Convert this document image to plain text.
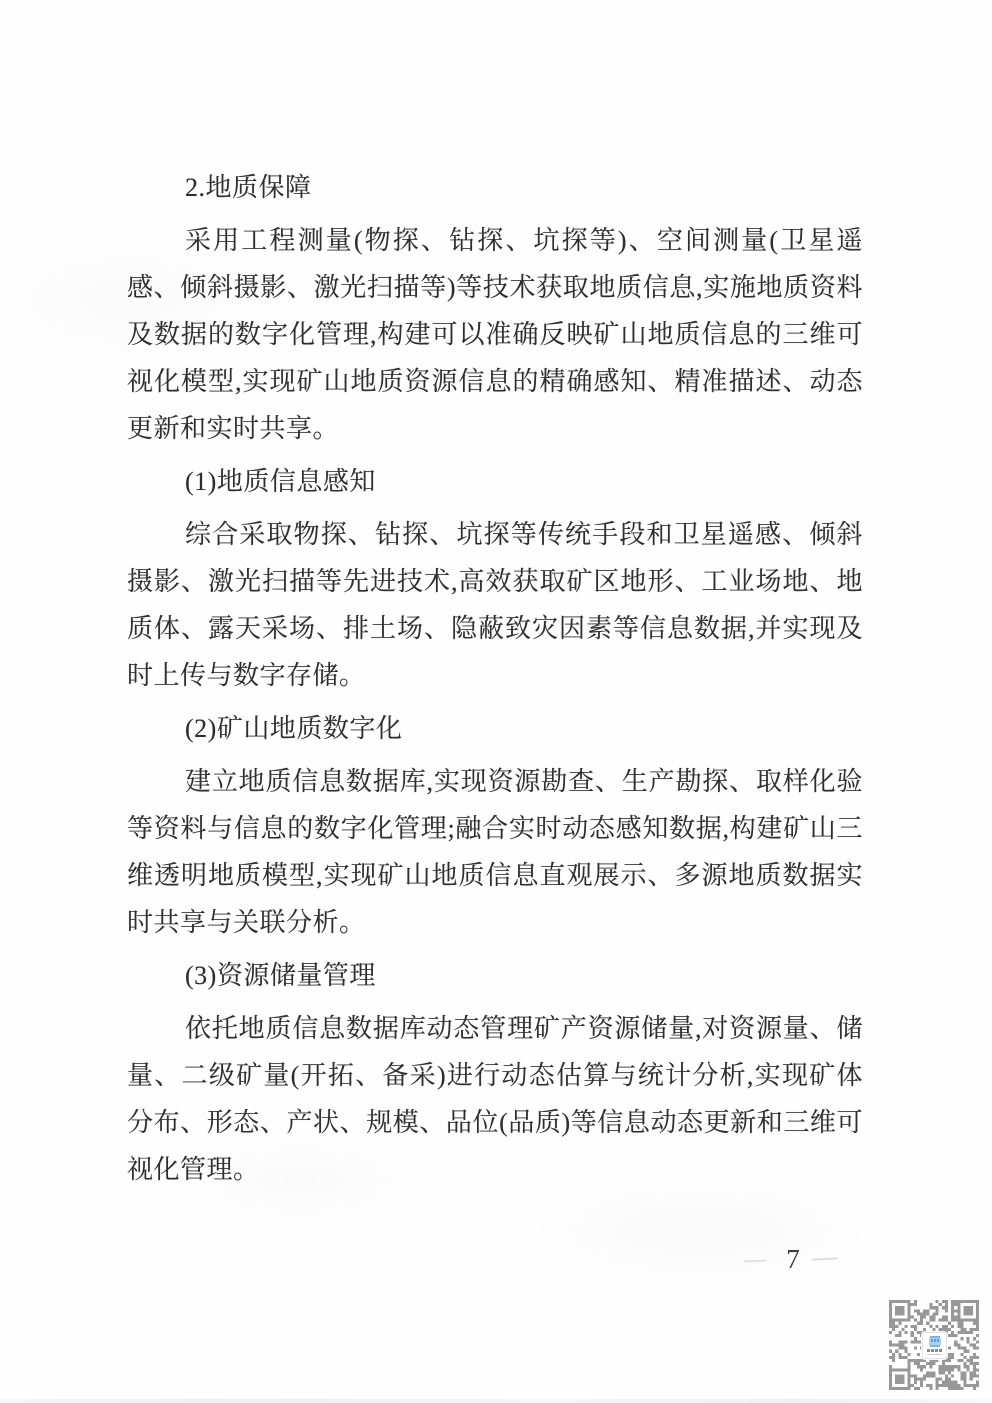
2.地质保障

采用工程测量(物探、钻探、坑探等)、空间测量(卫星遥感、倾斜摄影、激光扫描等)等技术获取地质信息,实施地质资料及数据的数字化管理,构建可以准确反映矿山地质信息的三维可视化模型,实现矿山地质资源信息的精确感知、精准描述、动态更新和实时共享。

(1)地质信息感知

综合采取物探、钻探、坑探等传统手段和卫星遥感、倾斜摄影、激光扫描等先进技术,高效获取矿区地形、工业场地、地质体、露天采场、排土场、隐蔽致灾因素等信息数据,并实现及时上传与数字存储。

(2)矿山地质数字化

建立地质信息数据库,实现资源勘查、生产勘探、取样化验等资料与信息的数字化管理;融合实时动态感知数据,构建矿山三维透明地质模型,实现矿山地质信息直观展示、多源地质数据实时共享与关联分析。

(3)资源储量管理

依托地质信息数据库动态管理矿产资源储量,对资源量、储量、二级矿量(开拓、备采)进行动态估算与统计分析,实现矿体分布、形态、产状、规模、品位(品质)等信息动态更新和三维可视化管理。

7
